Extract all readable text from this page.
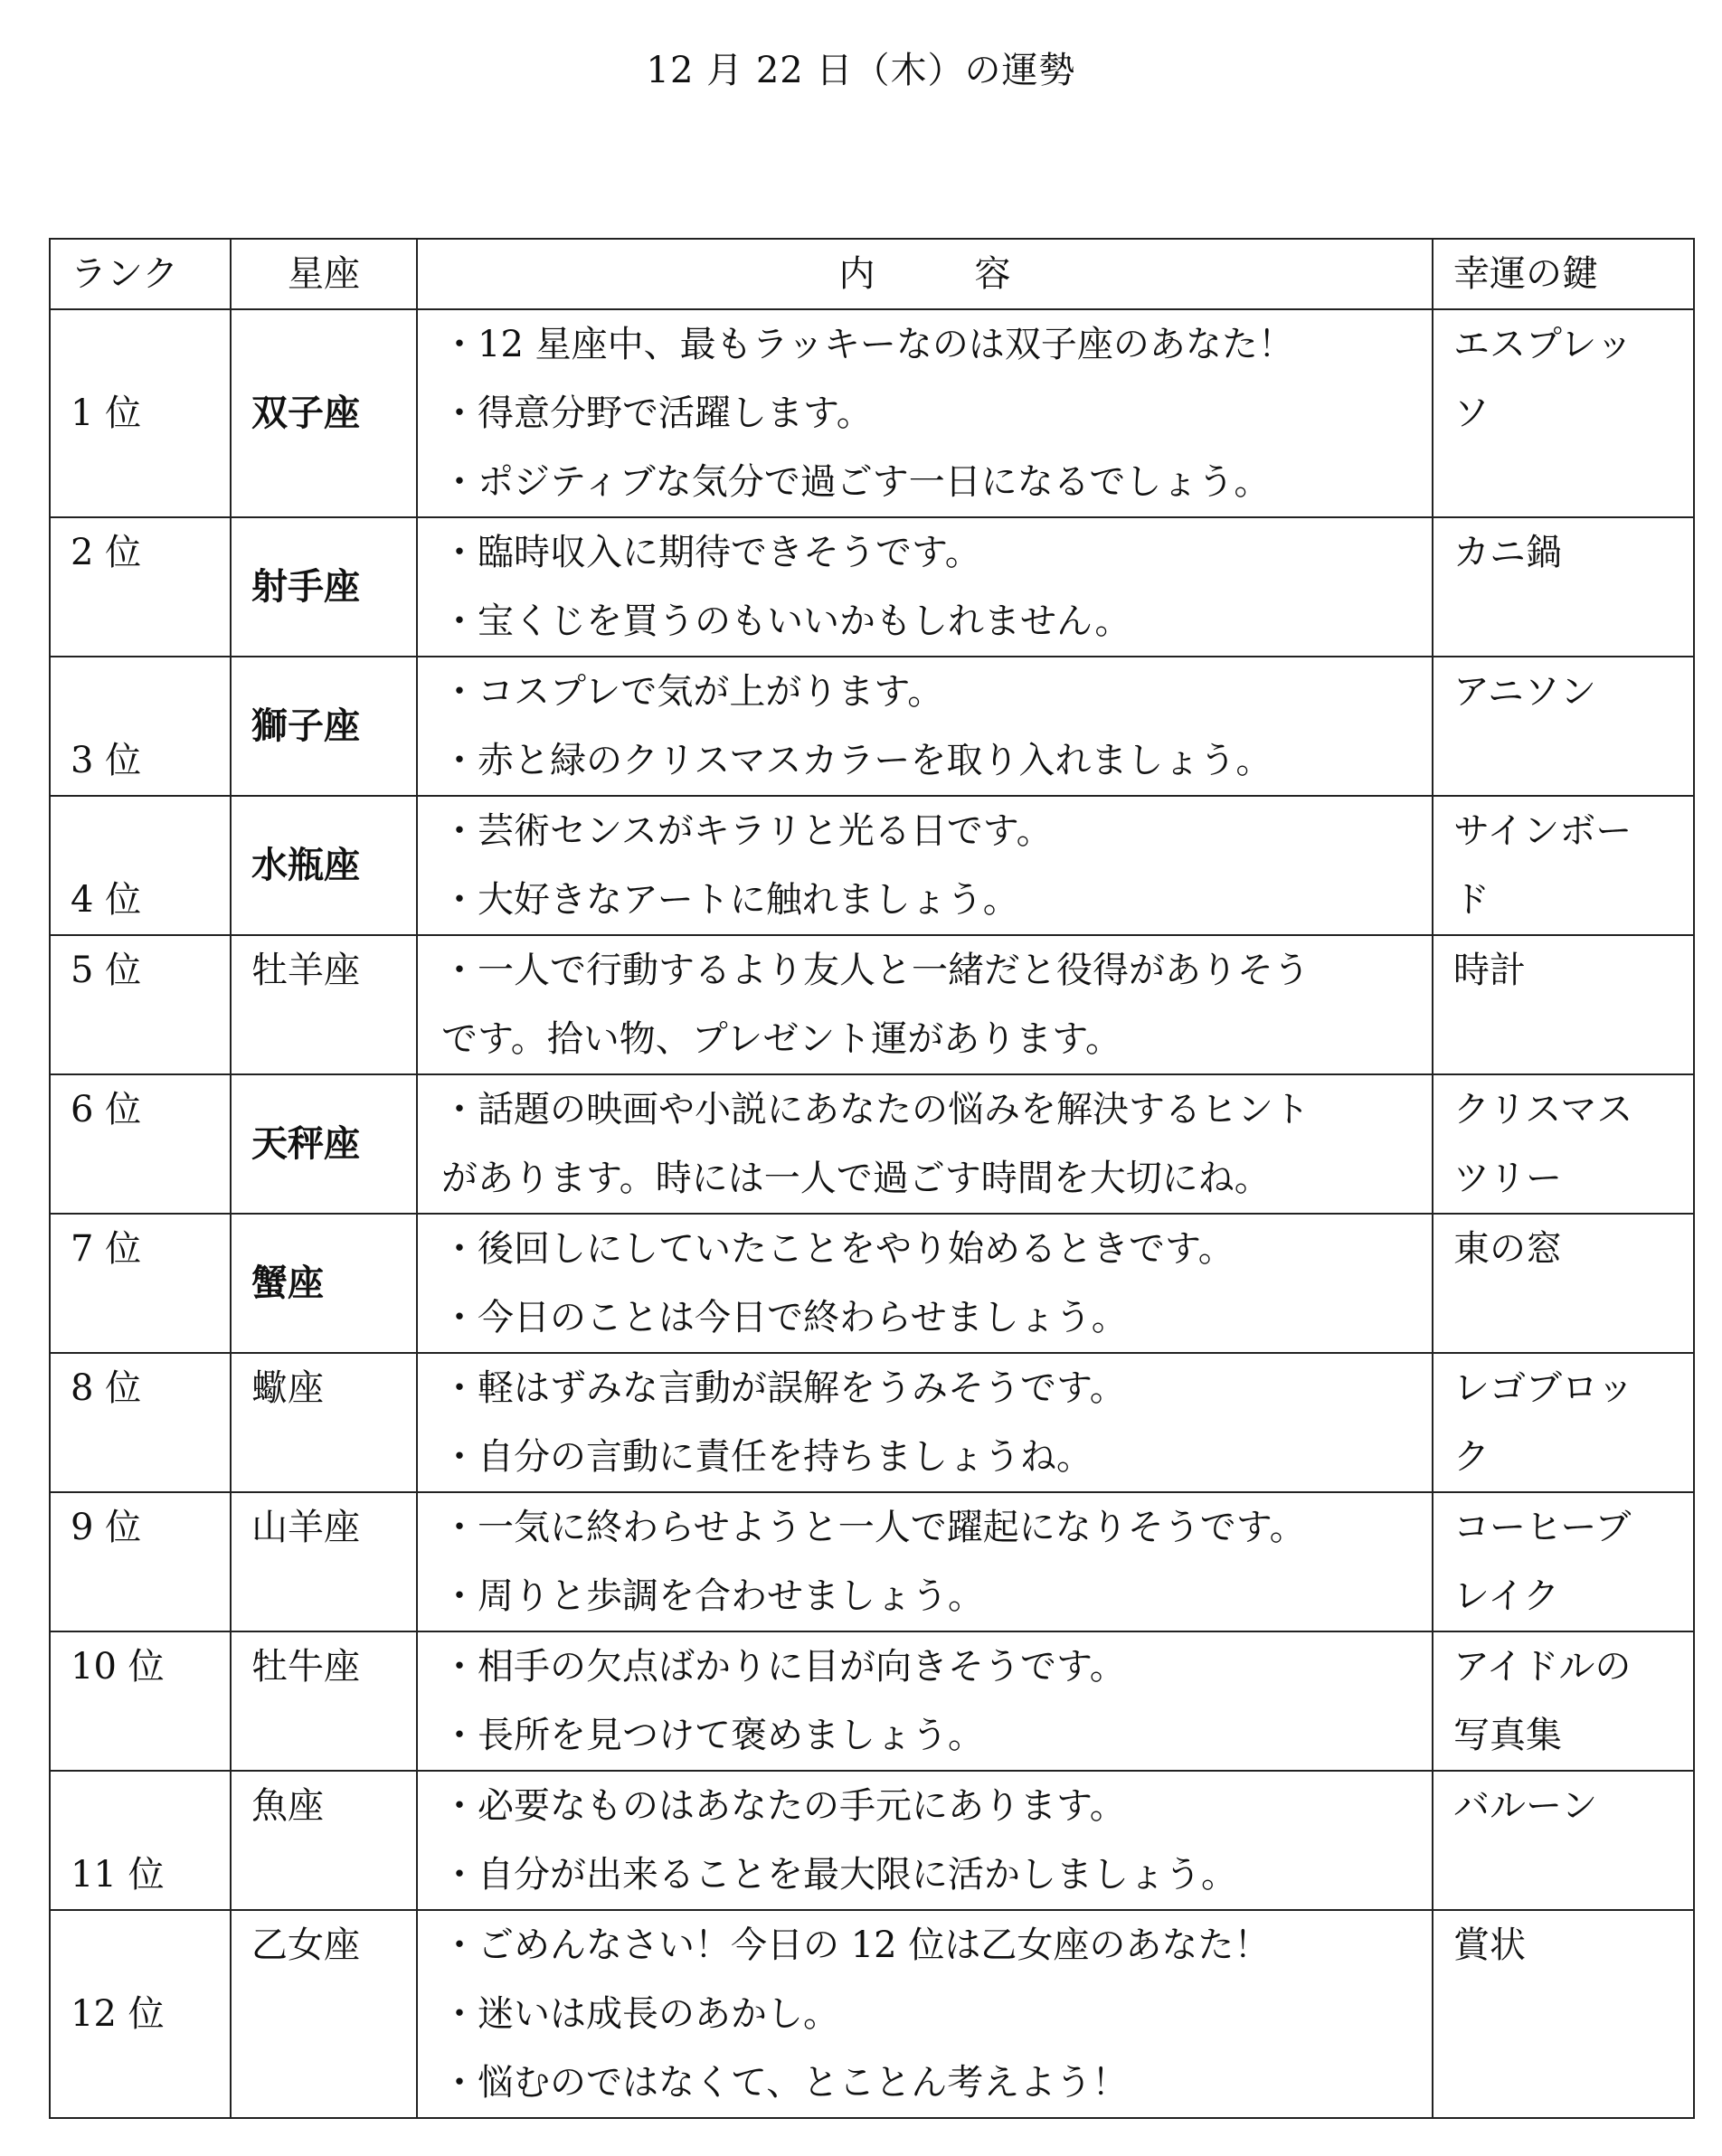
12 月 22 日（木）の運勢
ランク	星座	内容	幸運の鍵
1 位	双子座	・12 星座中、最もラッキーなのは双子座のあなた！
・得意分野で活躍します。
・ポジティブな気分で過ごす一日になるでしょう。	エスプレッ
ソ

2 位	射手座	・臨時収入に期待できそうです。
・宝くじを買うのもいいかもしれません。	カニ鍋

3 位	獅子座	・コスプレで気が上がります。
・赤と緑のクリスマスカラーを取り入れましょう。	アニソン

4 位	水瓶座	・芸術センスがキラリと光る日です。
・大好きなアートに触れましょう。	サインボー
ド

5 位	牡羊座	・一人で行動するより友人と一緒だと役得がありそう
です。拾い物、プレゼント運があります。	時計

6 位	天秤座	・話題の映画や小説にあなたの悩みを解決するヒント
があります。時には一人で過ごす時間を大切にね。	クリスマス
ツリー

7 位	蟹座	・後回しにしていたことをやり始めるときです。
・今日のことは今日で終わらせましょう。	東の窓

8 位	蠍座	・軽はずみな言動が誤解をうみそうです。
・自分の言動に責任を持ちましょうね。	レゴブロッ
ク

9 位	山羊座	・一気に終わらせようと一人で躍起になりそうです。
・周りと歩調を合わせましょう。	コーヒーブ
レイク

10 位	牡牛座	・相手の欠点ばかりに目が向きそうです。
・長所を見つけて褒めましょう。	アイドルの
写真集

11 位	魚座	・必要なものはあなたの手元にあります。
・自分が出来ることを最大限に活かしましょう。	バルーン

12 位	乙女座	・ごめんなさい！今日の 12 位は乙女座のあなた！
・迷いは成長のあかし。
・悩むのではなくて、とことん考えよう！	賞状
